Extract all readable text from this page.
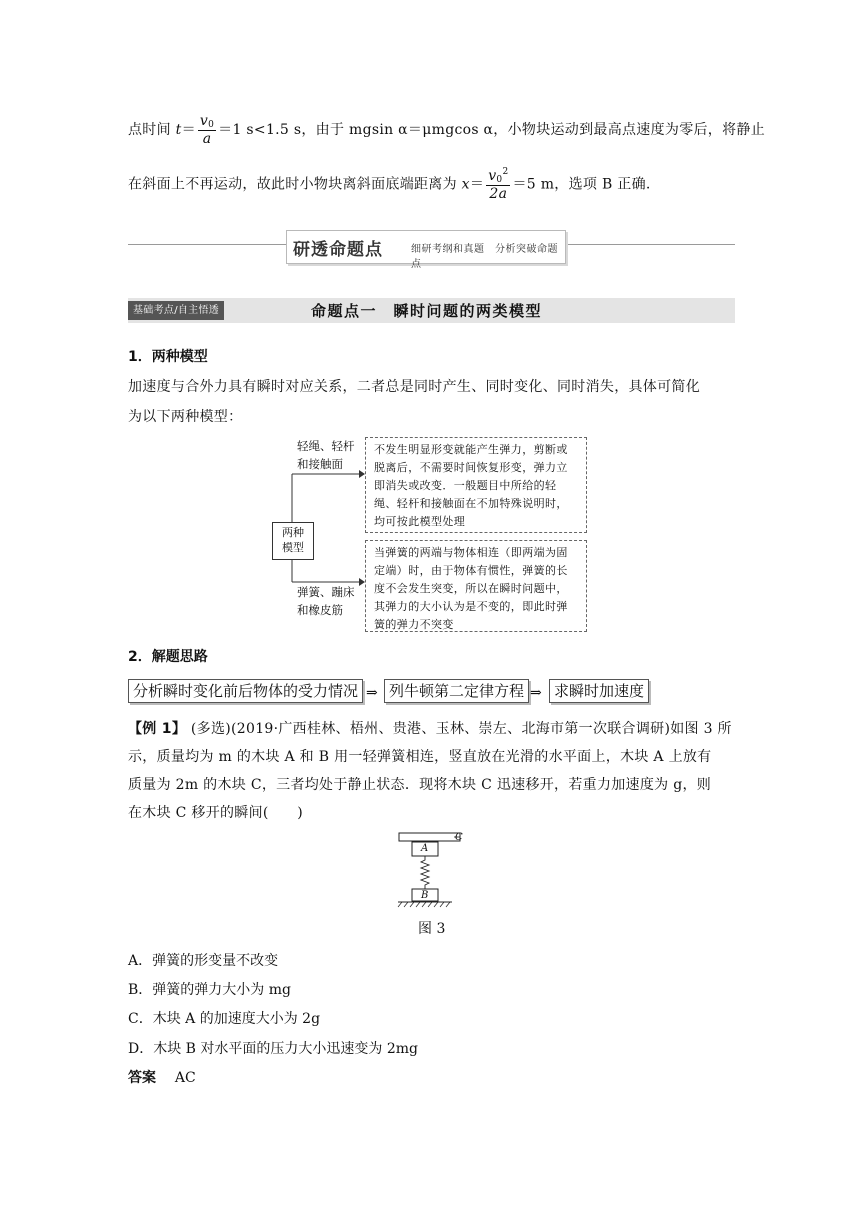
点时间 $t= \frac{v_0}{a} =1$ s<1.5 s，由于 mgsin α＝μmgcos α，小物块运动到最高点速度为零后，将静止
在斜面上不再运动，故此时小物块离斜面底端距离为 $x= \frac{v_0^2}{2a} =5$ m，选项 B 正确.
研透命题点	细研考纲和真题　分析突破命题点
基础考点/自主悟透	命题点一　瞬时问题的两类模型
1．两种模型
加速度与合外力具有瞬时对应关系，二者总是同时产生、同时变化、同时消失，具体可简化
为以下两种模型：
两种
模型
轻绳、轻杆
和接触面
弹簧、蹦床
和橡皮筋
不发生明显形变就能产生弹力，剪断或脱离后，不需要时间恢复形变，弹力立即消失或改变．一般题目中所给的轻绳、轻杆和接触面在不加特殊说明时，均可按此模型处理
当弹簧的两端与物体相连（即两端为固定端）时，由于物体有惯性，弹簧的长度不会发生突变，所以在瞬时问题中，其弹力的大小认为是不变的，即此时弹簧的弹力不突变
2．解题思路
分析瞬时变化前后物体的受力情况 ⇒ 列牛顿第二定律方程 ⇒ 求瞬时加速度
【例 1】 (多选)(2019·广西桂林、梧州、贵港、玉林、崇左、北海市第一次联合调研)如图 3 所
示，质量均为 m 的木块 A 和 B 用一轻弹簧相连，竖直放在光滑的水平面上，木块 A 上放有
质量为 2m 的木块 C，三者均处于静止状态．现将木块 C 迅速移开，若重力加速度为 g，则
在木块 C 移开的瞬间(　　)
C
A
B
图 3
A．弹簧的形变量不改变
B．弹簧的弹力大小为 mg
C．木块 A 的加速度大小为 2g
D．木块 B 对水平面的压力大小迅速变为 2mg
答案 AC
